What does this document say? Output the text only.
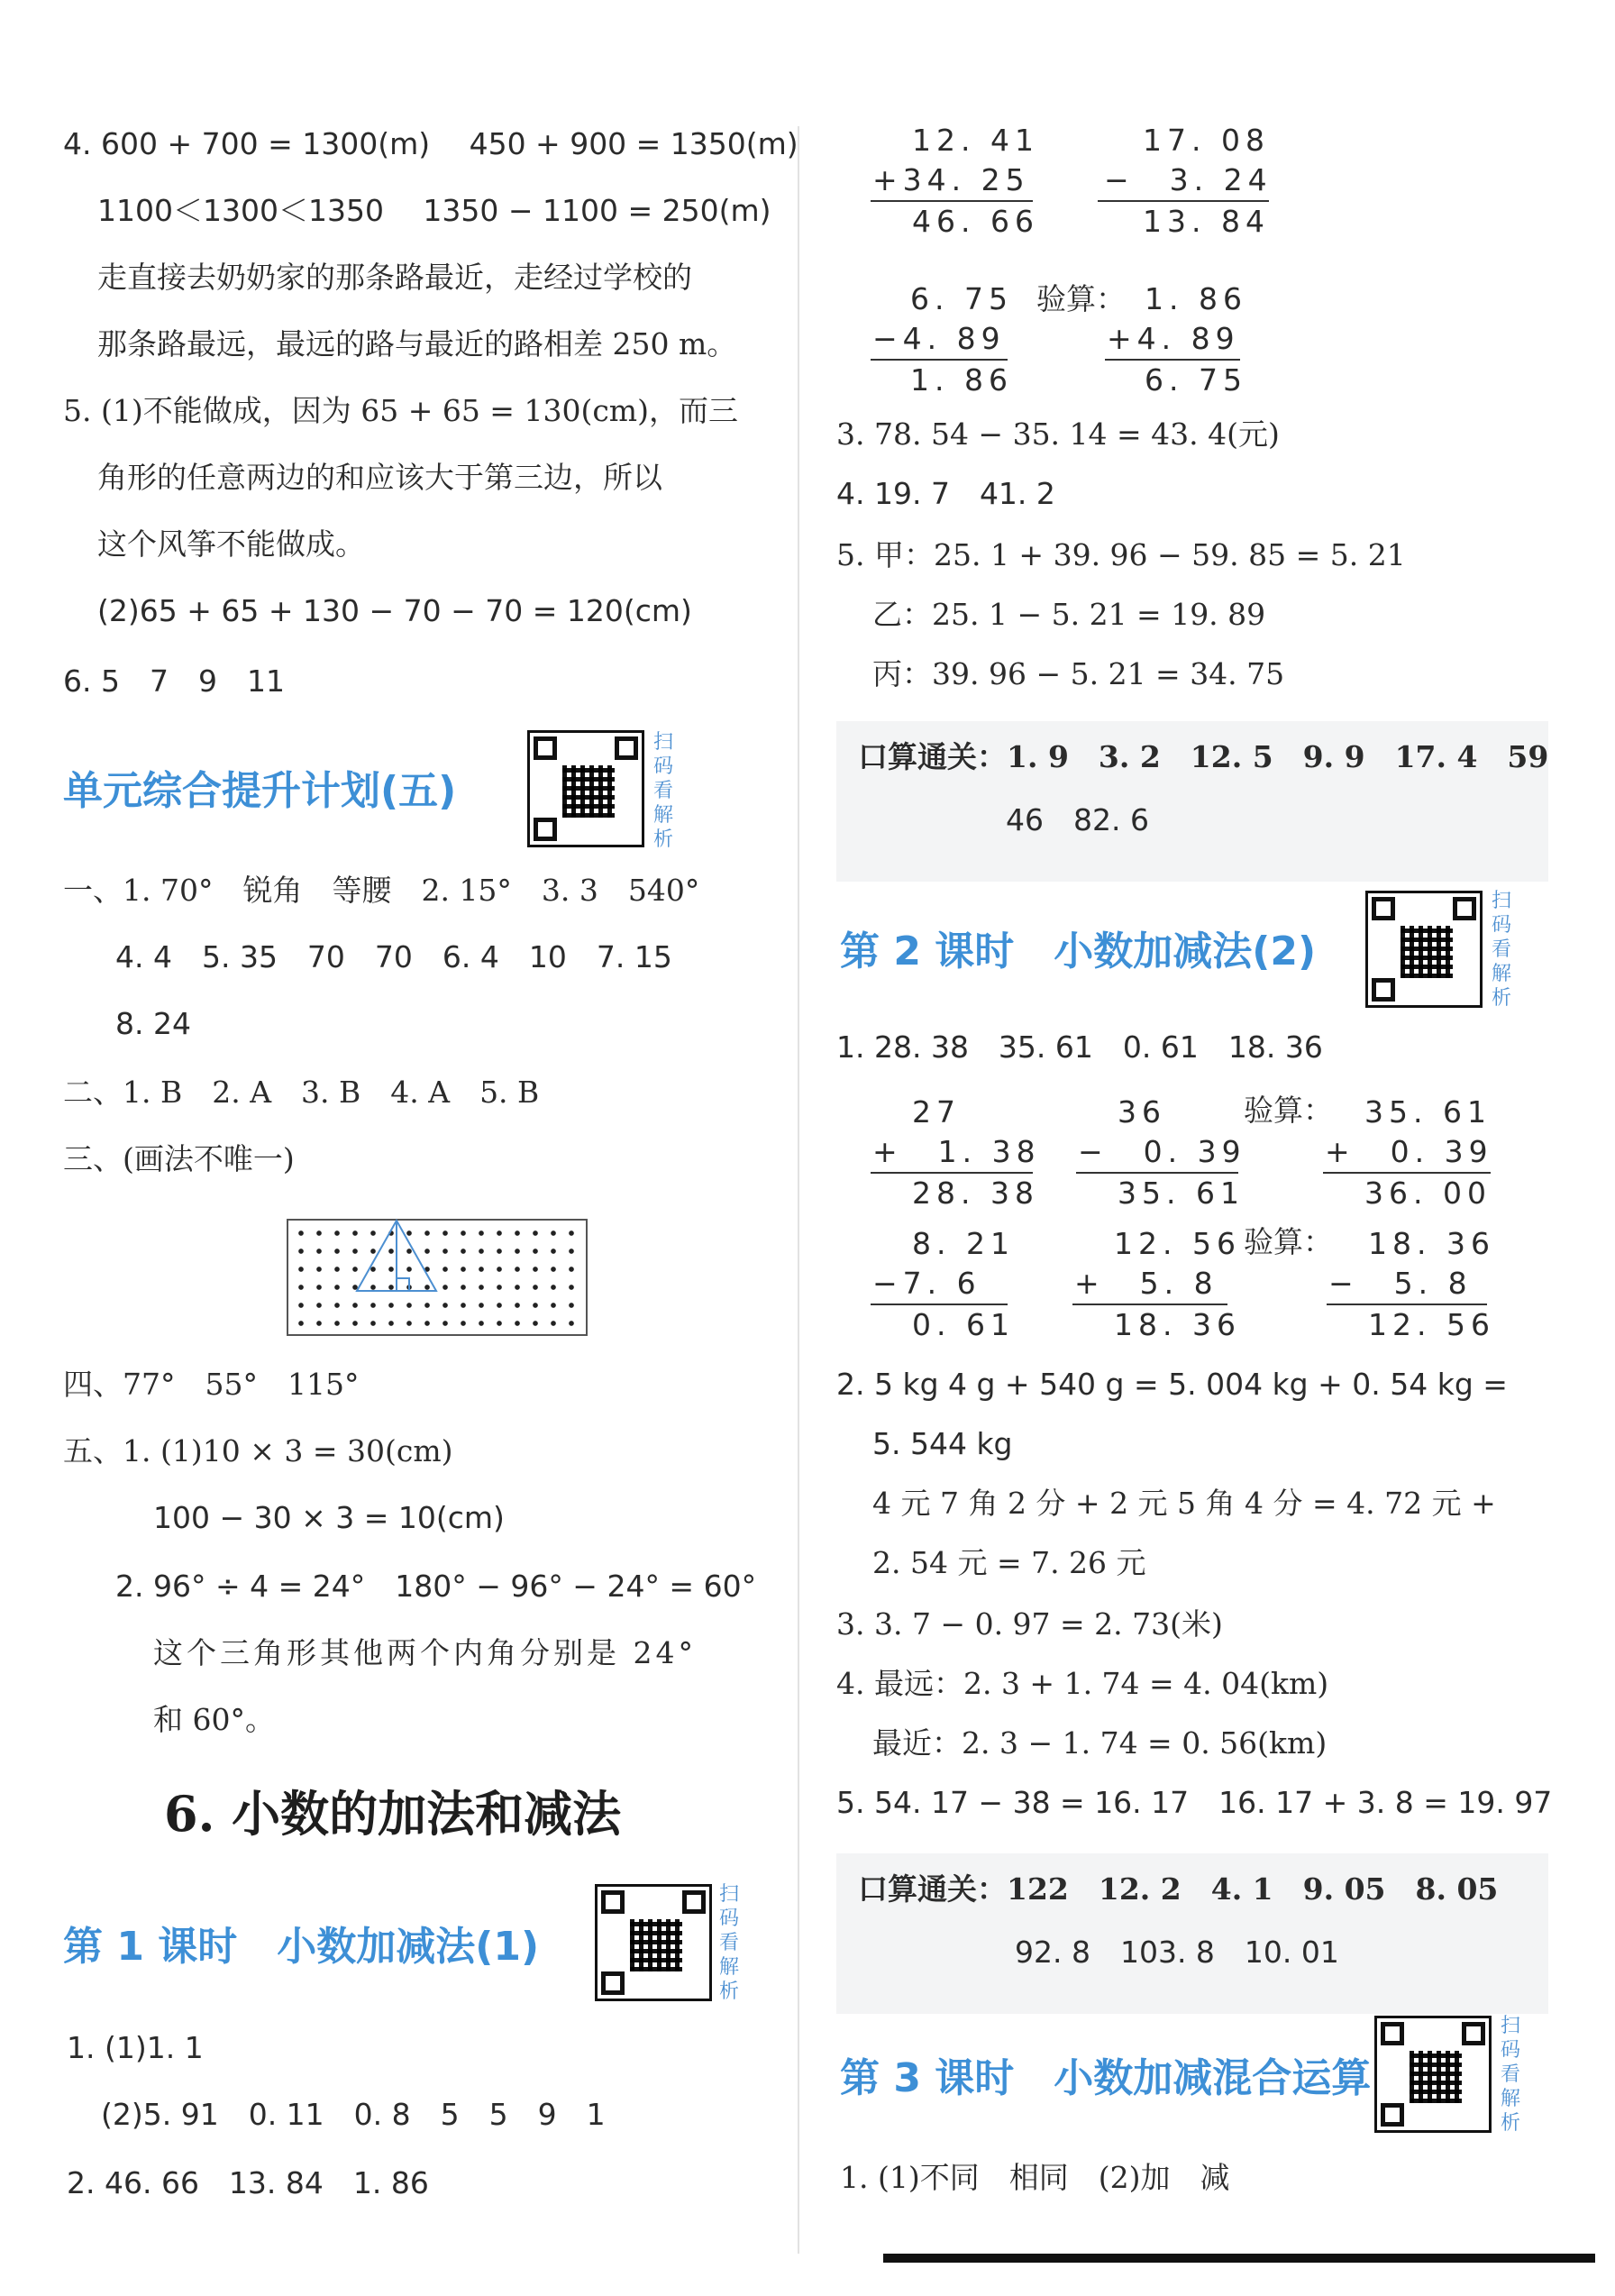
4. 600 + 700 = 1300(m)　 450 + 900 = 1350(m)
1100＜1300＜1350　 1350 − 1100 = 250(m)
走直接去奶奶家的那条路最近，走经过学校的
那条路最远，最远的路与最近的路相差 250 m。
5. (1)不能做成，因为 65 + 65 = 130(cm)，而三
角形的任意两边的和应该大于第三边，所以
这个风筝不能做成。
(2)65 + 65 + 130 − 70 − 70 = 120(cm)
6. 5　7　9　11
单元综合提升计划(五)
扫
码
看
解
析
一、1. 70°　锐角　等腰　2. 15°　3. 3　540°
4. 4　5. 35　70　70　6. 4　10　7. 15
8. 24
二、1. B　2. A　3. B　4. A　5. B
三、(画法不唯一)
四、77°　55°　115°
五、1. (1)10 × 3 = 30(cm)
100 − 30 × 3 = 10(cm)
2. 96° ÷ 4 = 24°　180° − 96° − 24° = 60°
这个三角形其他两个内角分别是 24°
和 60°。
6. 小数的加法和减法
第 1 课时　小数加减法(1)
扫
码
看
解
析
1. (1)1. 1
(2)5. 91　0. 11　0. 8　5　5　9　1
2. 46. 66　13. 84　1. 86
12. 41
+34. 25
46. 66
17. 08
−　3. 24
13. 84
6. 75
−4. 89
1. 86
验算： 1. 86
+4. 89
6. 75
3. 78. 54 − 35. 14 = 43. 4(元)
4. 19. 7　41. 2
5. 甲：25. 1 + 39. 96 − 59. 85 = 5. 21
乙：25. 1 − 5. 21 = 19. 89
丙：39. 96 − 5. 21 = 34. 75
口算通关：1. 9　3. 2　12. 5　9. 9　17. 4　59
46　82. 6
第 2 课时　小数加减法(2)
扫
码
看
解
析
1. 28. 38　35. 61　0. 61　18. 36
27
+　1. 38
28. 38
36
−　0. 39
35. 61
验算： 35. 61
+　0. 39
36. 00
8. 21
−7. 6
0. 61
12. 56
+　5. 8
18. 36
验算： 18. 36
−　5. 8
12. 56
2. 5 kg 4 g + 540 g = 5. 004 kg + 0. 54 kg =
5. 544 kg
4 元 7 角 2 分 + 2 元 5 角 4 分 = 4. 72 元 +
2. 54 元 = 7. 26 元
3. 3. 7 − 0. 97 = 2. 73(米)
4. 最远：2. 3 + 1. 74 = 4. 04(km)
最近：2. 3 − 1. 74 = 0. 56(km)
5. 54. 17 − 38 = 16. 17　16. 17 + 3. 8 = 19. 97
口算通关：122　12. 2　4. 1　9. 05　8. 05
92. 8　103. 8　10. 01
第 3 课时　小数加减混合运算
扫
码
看
解
析
1. (1)不同　相同　(2)加　减
